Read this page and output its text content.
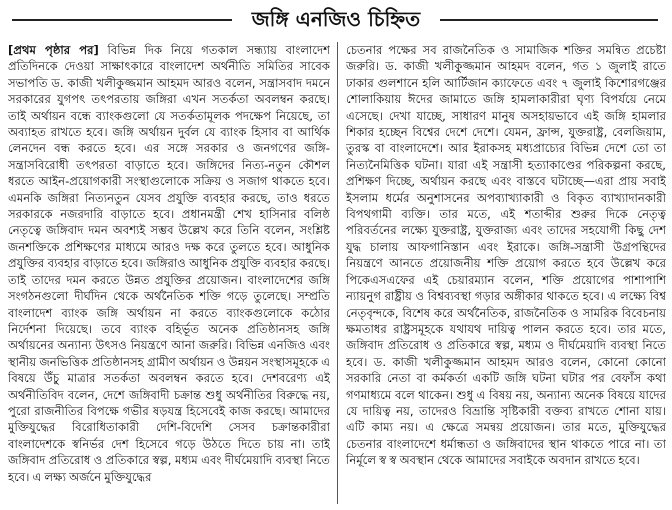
জঙ্গি এনজিও চিহ্নিত

[প্রথম পৃষ্ঠার পর] বিভিন্ন দিক নিয়ে গতকাল সন্ধ্যায় বাংলাদেশ প্রতিদিনকে দেওয়া সাক্ষাৎকারে বাংলাদেশ অর্থনীতি সমিতির সাবেক সভাপতি ড. কাজী খলীকুজ্জমান আহমদ আরও বলেন, সন্ত্রাসবাদ দমনে সরকারের যুগপৎ তৎপরতায় জঙ্গিরা এখন সতর্কতা অবলম্বন করছে। তাই অর্থায়ন বন্ধে ব্যাংকগুলো যে সতর্কতামূলক পদক্ষেপ নিয়েছে, তা অব্যাহত রাখতে হবে। জঙ্গি অর্থায়ন দুর্বল যে ব্যাংক হিসাব বা আর্থিক লেনদেন বন্ধ করতে হবে। এর সঙ্গে সরকার ও জনগণের জঙ্গি-সন্ত্রাসবিরোধী তৎপরতা বাড়াতে হবে। জঙ্গিদের নিত্য-নতুন কৌশল ধরতে আইন-প্রয়োগকারী সংস্থাগুলোকে সক্রিয় ও সজাগ থাকতে হবে। এমনকি জঙ্গিরা নিত্যনতুন যেসব প্রযুক্তি ব্যবহার করছে, তাও ধরতে সরকারকে নজরদারি বাড়াতে হবে। প্রধানমন্ত্রী শেখ হাসিনার বলিষ্ঠ নেতৃত্বে জঙ্গিবাদ দমন অবশ্যই সম্ভব উল্লেখ করে তিনি বলেন, সংশ্লিষ্ট জনশক্তিকে প্রশিক্ষণের মাধ্যমে আরও দক্ষ করে তুলতে হবে। আধুনিক প্রযুক্তির ব্যবহার বাড়াতে হবে। জঙ্গিরাও আধুনিক প্রযুক্তি ব্যবহার করছে। তাই তাদের দমন করতে উন্নত প্রযুক্তির প্রয়োজন। বাংলাদেশের জঙ্গি সংগঠনগুলো দীর্ঘদিন থেকে অর্থনৈতিক শক্তি গড়ে তুলেছে। সম্প্রতি বাংলাদেশ ব্যাংক জঙ্গি অর্থায়ন না করতে ব্যাংকগুলোকে কঠোর নির্দেশনা দিয়েছে। তবে ব্যাংক বহির্ভূত অনেক প্রতিষ্ঠানসহ জঙ্গি অর্থায়নের অন্যান্য উৎসও নিয়ন্ত্রণে আনা জরুরি। বিভিন্ন এনজিও এবং স্থানীয় জনভিত্তিক প্রতিষ্ঠানসহ গ্রামীণ অর্থায়ন ও উন্নয়ন সংস্থাসমূহকে এ বিষয়ে উঁচু মাত্রার সতর্কতা অবলম্বন করতে হবে। দেশবরেণ্য এই অর্থনীতিবিদ বলেন, দেশে জঙ্গিবাদী চক্রান্ত শুধু অর্থনীতির বিরুদ্ধে নয়, পুরো রাজনীতির বিপক্ষে গভীর ষড়যন্ত্র হিসেবেই কাজ করছে। আমাদের মুক্তিযুদ্ধের বিরোধিতাকারী দেশি-বিদেশি সেসব চক্রান্তকারীরা বাংলাদেশকে স্বনির্ভর দেশ হিসেবে গড়ে উঠতে দিতে চায় না। তাই জঙ্গিবাদ প্রতিরোধ ও প্রতিকারে স্বল্প, মধ্যম এবং দীর্ঘমেয়াদি ব্যবস্থা নিতে হবে। এ লক্ষ্য অর্জনে মুক্তিযুদ্ধের

চেতনার পক্ষের সব রাজনৈতিক ও সামাজিক শক্তির সমন্বিত প্রচেষ্টা জরুরি। ড. কাজী খলীকুজ্জমান আহমদ বলেন, গত ১ জুলাই রাতে ঢাকার গুলশানে হলি আর্টিজান ক্যাফেতে এবং ৭ জুলাই কিশোরগঞ্জের শোলাকিয়ায় ঈদের জামাতে জঙ্গি হামলাকারীরা ঘৃণ্য বিপর্যয়ে নেমে এসেছে। দেখা যাচ্ছে, সাধারণ মানুষ অসহায়ভাবে এই জঙ্গি হামলার শিকার হচ্ছেন বিশ্বের দেশে দেশে। যেমন, ফ্রান্স, যুক্তরাষ্ট্র, বেলজিয়াম, তুরস্ক বা বাংলাদেশে। আর ইরাকসহ মধ্যপ্রাচ্যের বিভিন্ন দেশে তো তা নিত্যনৈমিত্তিক ঘটনা। যারা এই সন্ত্রাসী হত্যাকাণ্ডের পরিকল্পনা করছে, প্রশিক্ষণ দিচ্ছে, অর্থায়ন করছে এবং বাস্তবে ঘটাচ্ছে—এরা প্রায় সবাই ইসলাম ধর্মের অনুশাসনের অপব্যাখ্যাকারী ও বিকৃত ব্যাখ্যাদানকারী বিপথগামী ব্যক্তি। তার মতে, এই শতাব্দীর শুরুর দিকে নেতৃত্ব পরিবর্তনের লক্ষ্যে যুক্তরাষ্ট্র, যুক্তরাজ্য এবং তাদের সহযোগী কিছু দেশ যুদ্ধ চালায় আফগানিস্তান এবং ইরাকে। জঙ্গি-সন্ত্রাসী উগ্রপন্থিদের নিয়ন্ত্রণে আনতে প্রয়োজনীয় শক্তি প্রয়োগ করতে হবে উল্লেখ করে পিকেএসএফের এই চেয়ারম্যান বলেন, শক্তি প্রয়োগের পাশাপাশি ন্যায়নুগ রাষ্ট্রীয় ও বিশ্বব্যবস্থা গড়ার অঙ্গীকার থাকতে হবে। এ লক্ষ্যে বিশ্ব নেতৃবৃন্দকে, বিশেষ করে অর্থনৈতিক, রাজনৈতিক ও সামরিক বিবেচনায় ক্ষমতাধর রাষ্ট্রসমূহকে যথাযথ দায়িত্ব পালন করতে হবে। তার মতে, জঙ্গিবাদ প্রতিরোধ ও প্রতিকারে স্বল্প, মধ্যম ও দীর্ঘমেয়াদি ব্যবস্থা নিতে হবে। ড. কাজী খলীকুজ্জমান আহমদ আরও বলেন, কোনো কোনো সরকারি নেতা বা কর্মকর্তা একটি জঙ্গি ঘটনা ঘটার পর বেফাঁস কথা গণমাধ্যমে বলে থাকেন। শুধু এ বিষয় নয়, অন্যান্য অনেক বিষয়ে যাদের যে দায়িত্ব নয়, তাদেরও বিভ্রান্তি সৃষ্টিকারী বক্তব্য রাখতে শোনা যায়। এটি কাম্য নয়। এ ক্ষেত্রে সমন্বয় প্রয়োজন। তার মতে, মুক্তিযুদ্ধের চেতনার বাংলাদেশে ধর্মান্ধতা ও জঙ্গিবাদের স্থান থাকতে পারে না। তা নির্মূলে স্ব স্ব অবস্থান থেকে আমাদের সবাইকে অবদান রাখতে হবে।
